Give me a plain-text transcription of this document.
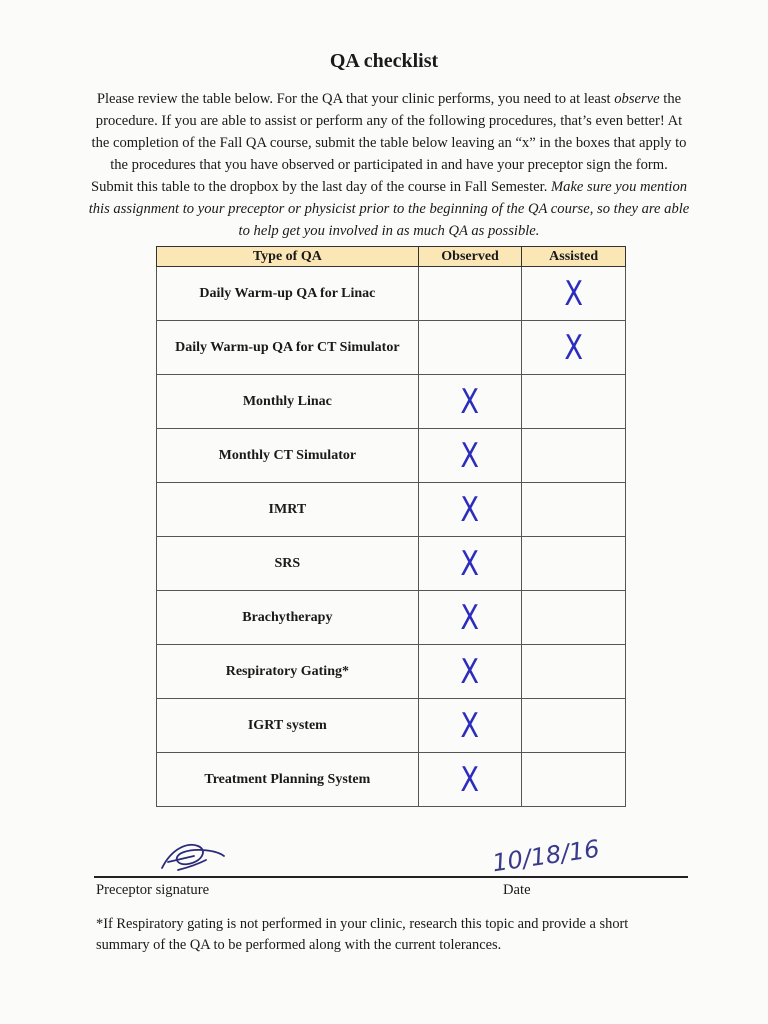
QA checklist
Please review the table below. For the QA that your clinic performs, you need to at least observe the procedure. If you are able to assist or perform any of the following procedures, that’s even better! At the completion of the Fall QA course, submit the table below leaving an “x” in the boxes that apply to the procedures that you have observed or participated in and have your preceptor sign the form. Submit this table to the dropbox by the last day of the course in Fall Semester. Make sure you mention this assignment to your preceptor or physicist prior to the beginning of the QA course, so they are able to help get you involved in as much QA as possible.
Type of QA	Observed	Assisted
Daily Warm-up QA for Linac		X
Daily Warm-up QA for CT Simulator		X
Monthly Linac	X	
Monthly CT Simulator	X	
IMRT	X	
SRS	X	
Brachytherapy	X	
Respiratory Gating*	X	
IGRT system	X	
Treatment Planning System	X	
10/18/16
Preceptor signature	Date
*If Respiratory gating is not performed in your clinic, research this topic and provide a short summary of the QA to be performed along with the current tolerances.
